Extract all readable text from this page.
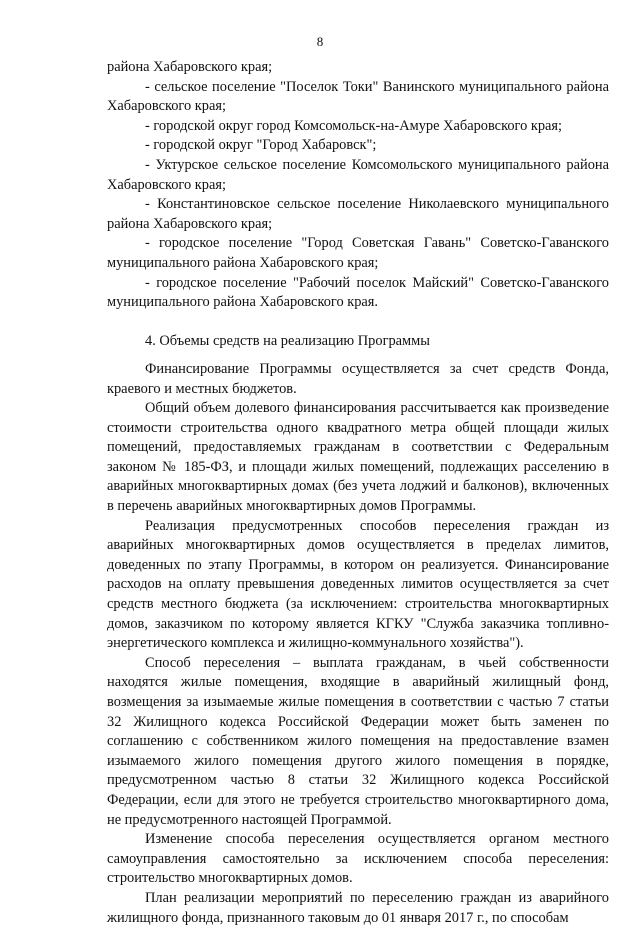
8

района Хабаровского края;

- сельское поселение "Поселок Токи" Ванинского муниципального района Хабаровского края;

- городской округ город Комсомольск-на-Амуре Хабаровского края;

- городской округ "Город Хабаровск";

- Уктурское сельское поселение Комсомольского муниципального района Хабаровского края;

- Константиновское сельское поселение Николаевского муниципального района Хабаровского края;

- городское поселение "Город Советская Гавань" Советско-Гаванского муниципального района Хабаровского края;

- городское поселение "Рабочий поселок Майский" Советско-Гаванского муниципального района Хабаровского края.

4. Объемы средств на реализацию Программы

Финансирование Программы осуществляется за счет средств Фонда, краевого и местных бюджетов.

Общий объем долевого финансирования рассчитывается как произведение стоимости строительства одного квадратного метра общей площади жилых помещений, предоставляемых гражданам в соответствии с Федеральным законом № 185-ФЗ, и площади жилых помещений, подлежащих расселению в аварийных многоквартирных домах (без учета лоджий и балконов), включенных в перечень аварийных многоквартирных домов Программы.

Реализация предусмотренных способов переселения граждан из аварийных многоквартирных домов осуществляется в пределах лимитов, доведенных по этапу Программы, в котором он реализуется. Финансирование расходов на оплату превышения доведенных лимитов осуществляется за счет средств местного бюджета (за исключением: строительства многоквартирных домов, заказчиком по которому является КГКУ "Служба заказчика топливно-энергетического комплекса и жилищно-коммунального хозяйства").

Способ переселения – выплата гражданам, в чьей собственности находятся жилые помещения, входящие в аварийный жилищный фонд, возмещения за изымаемые жилые помещения в соответствии с частью 7 статьи 32 Жилищного кодекса Российской Федерации может быть заменен по соглашению с собственником жилого помещения на предоставление взамен изымаемого жилого помещения другого жилого помещения в порядке, предусмотренном частью 8 статьи 32 Жилищного кодекса Российской Федерации, если для этого не требуется строительство многоквартирного дома, не предусмотренного настоящей Программой.

Изменение способа переселения осуществляется органом местного самоуправления самостоятельно за исключением способа переселения: строительство многоквартирных домов.

План реализации мероприятий по переселению граждан из аварийного жилищного фонда, признанного таковым до 01 января 2017 г., по способам
